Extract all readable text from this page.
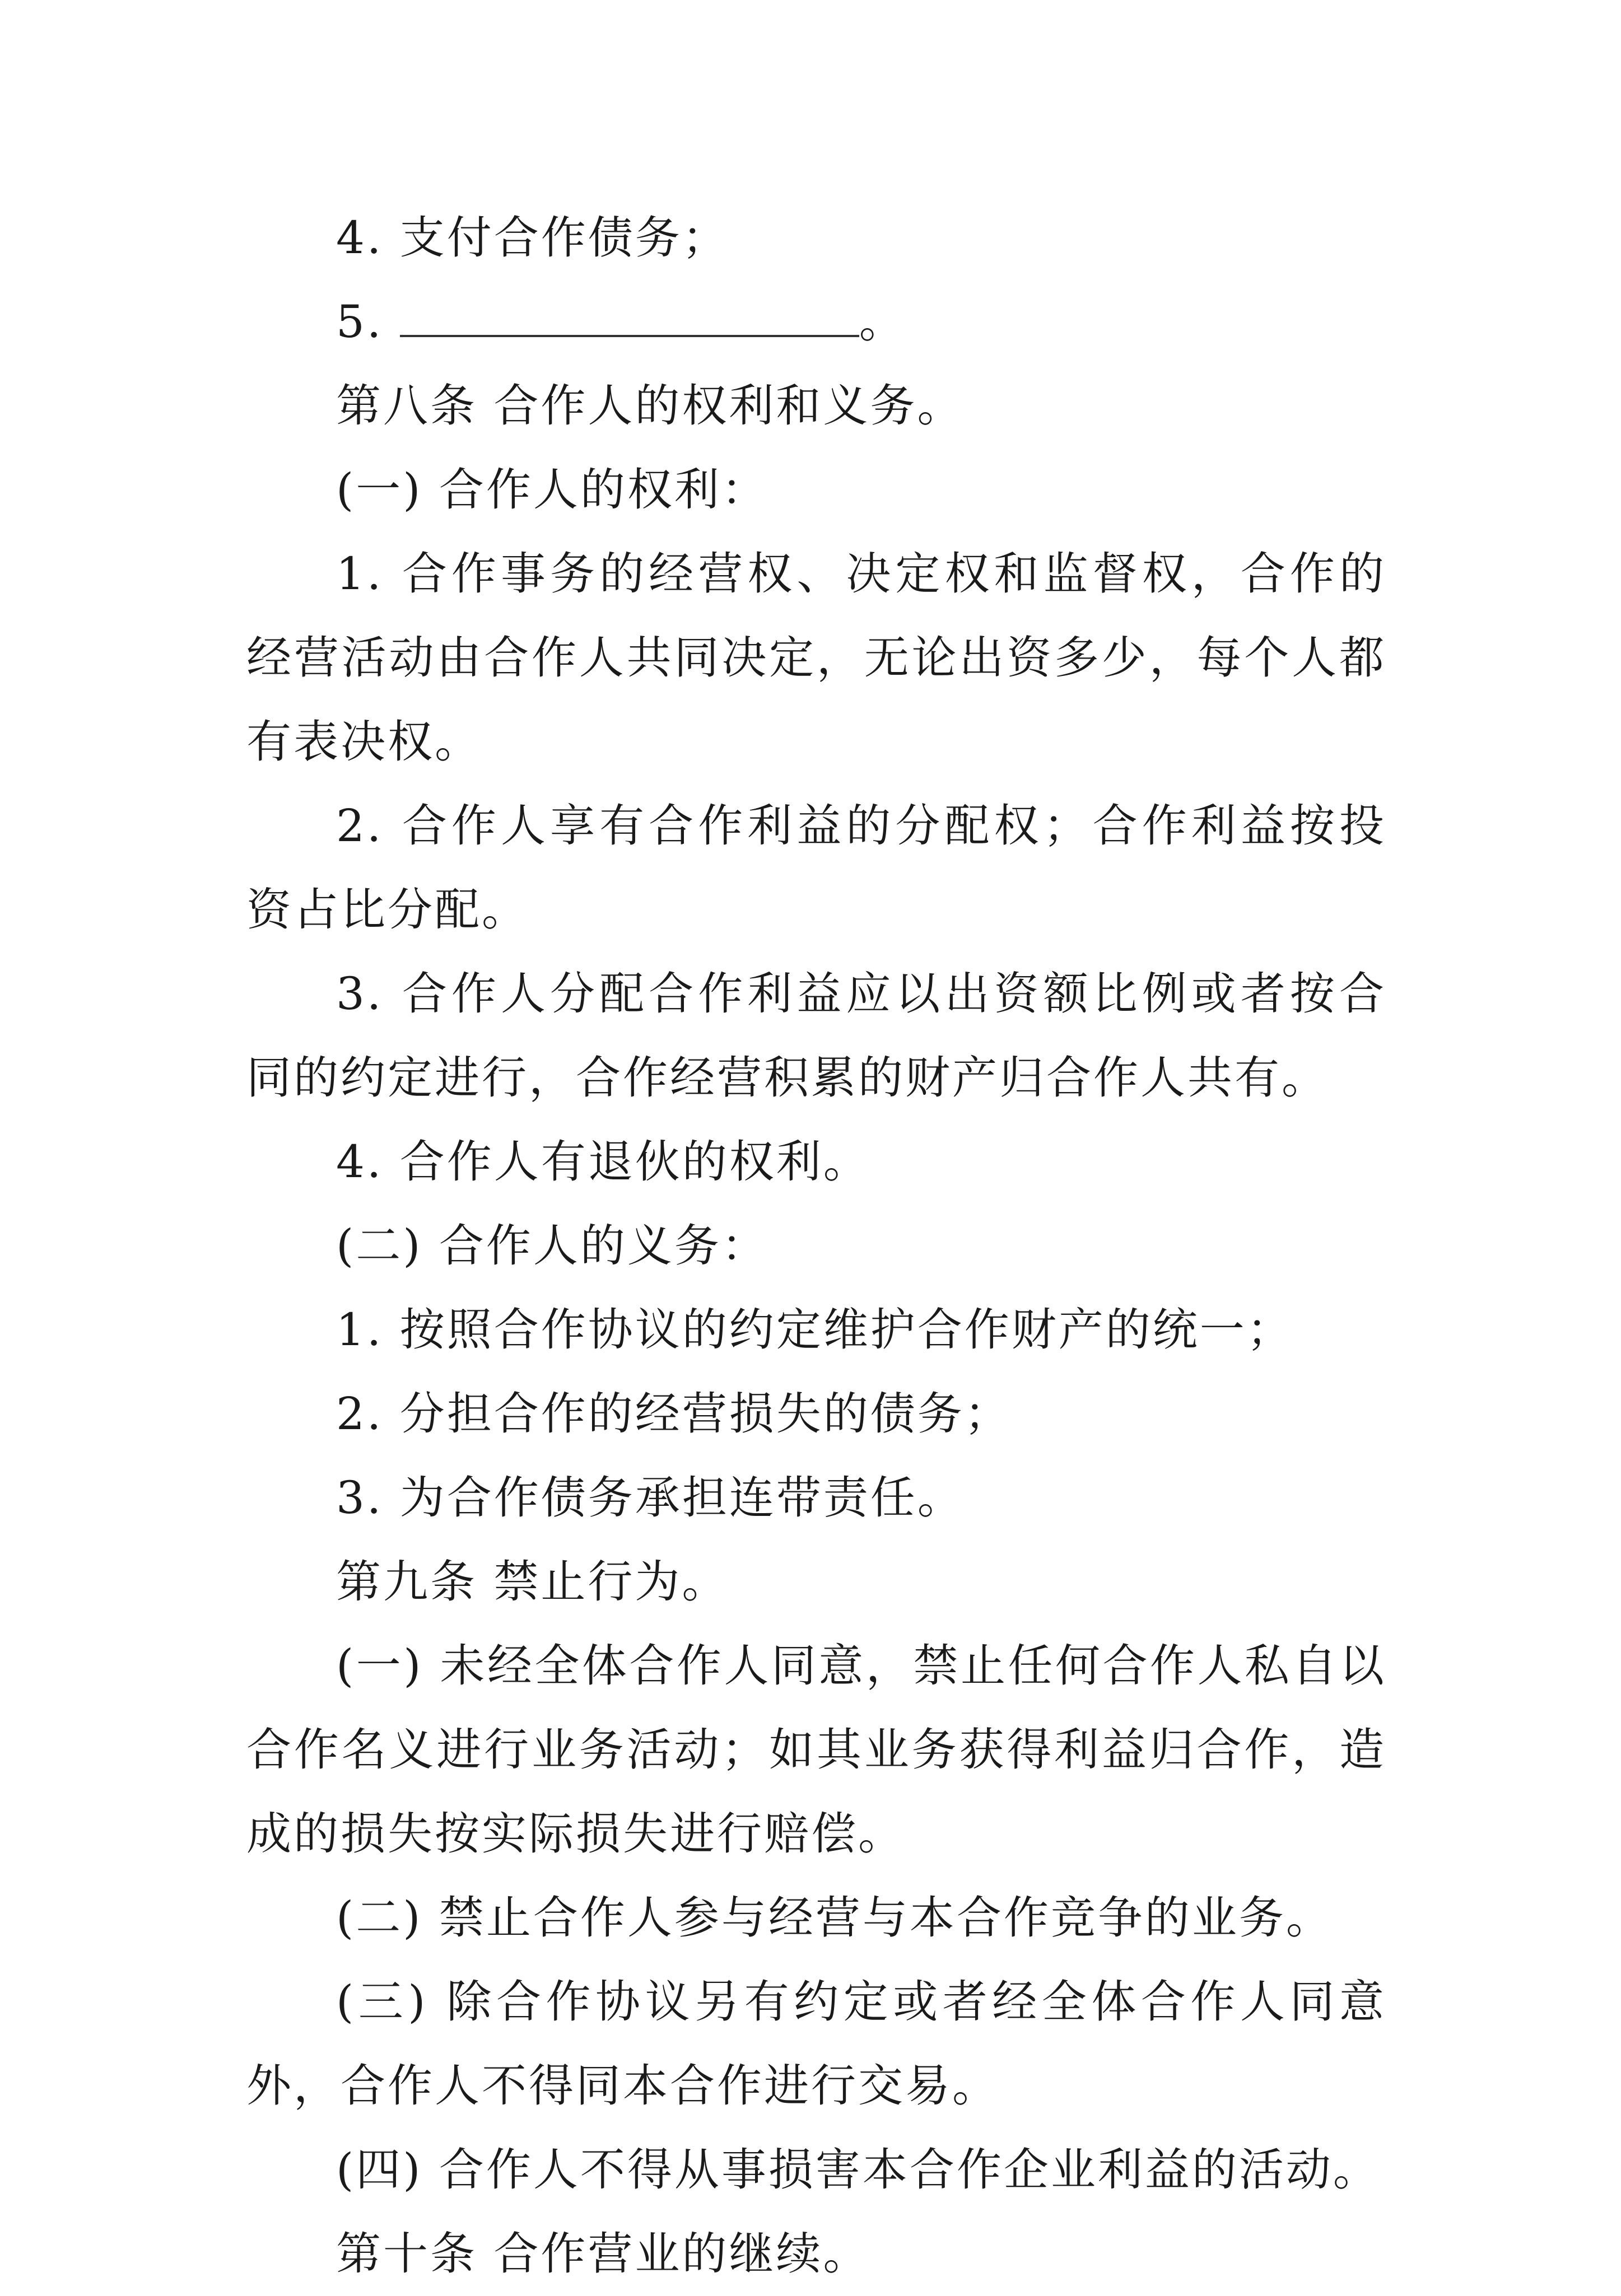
4. 支付合作债务；

5.	。

第八条 合作人的权利和义务。

(一) 合作人的权利：

1. 合作事务的经营权、决定权和监督权，合作的经营活动由合作人共同决定，无论出资多少，每个人都有表决权。

2. 合作人享有合作利益的分配权；合作利益按投资占比分配。

3. 合作人分配合作利益应以出资额比例或者按合同的约定进行，合作经营积累的财产归合作人共有。

4. 合作人有退伙的权利。

(二) 合作人的义务：

1. 按照合作协议的约定维护合作财产的统一；

2. 分担合作的经营损失的债务；

3. 为合作债务承担连带责任。

第九条 禁止行为。

(一) 未经全体合作人同意，禁止任何合作人私自以合作名义进行业务活动；如其业务获得利益归合作，造成的损失按实际损失进行赔偿。

(二) 禁止合作人参与经营与本合作竞争的业务。

(三) 除合作协议另有约定或者经全体合作人同意外，合作人不得同本合作进行交易。

(四) 合作人不得从事损害本合作企业利益的活动。

第十条 合作营业的继续。
